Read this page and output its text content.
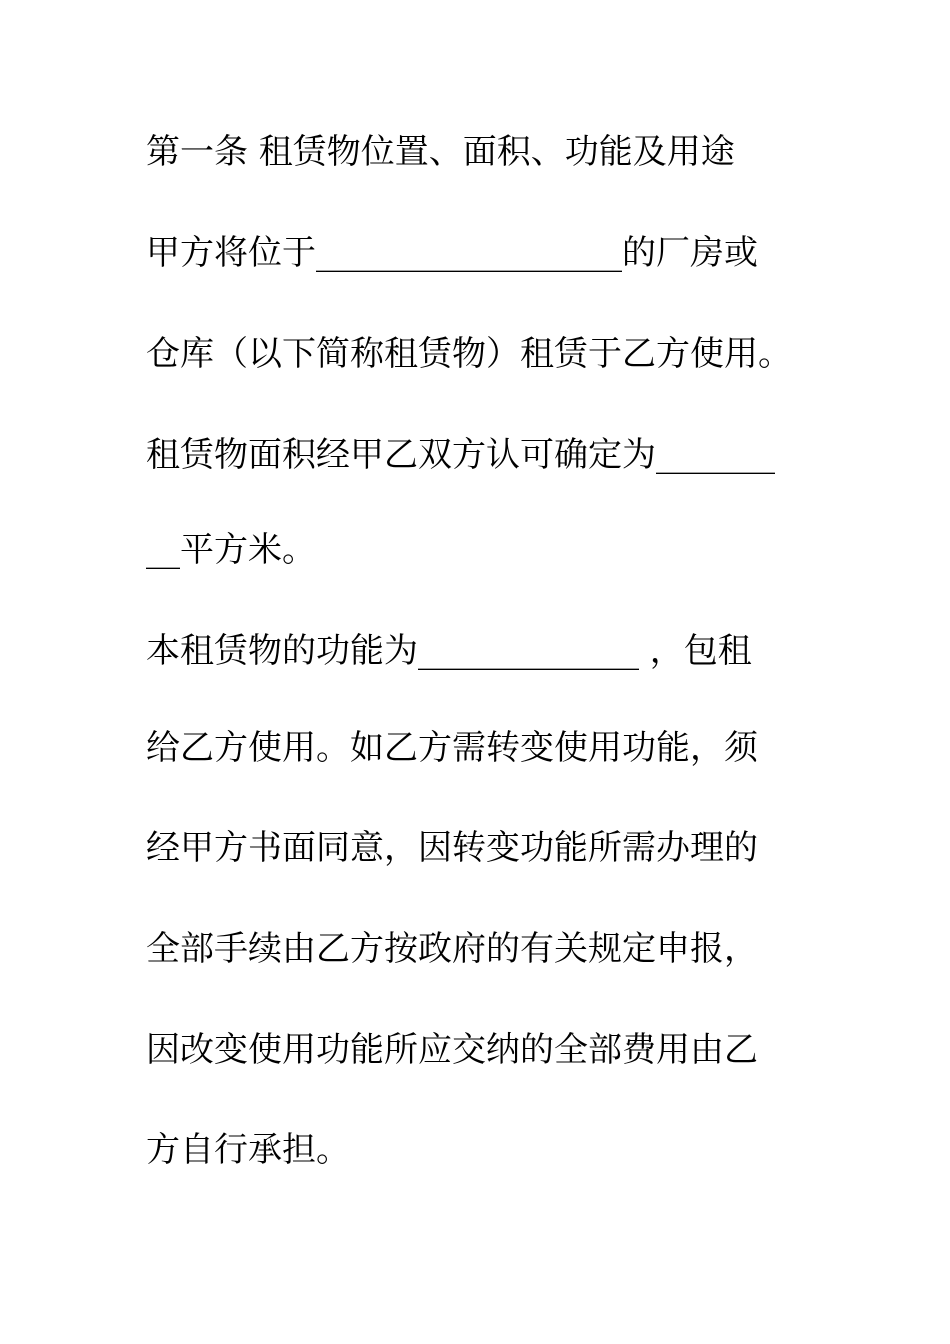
第一条 租赁物位置、面积、功能及用途
甲方将位于__________________的厂房或
仓库（以下简称租赁物）租赁于乙方使用。
租赁物面积经甲乙双方认可确定为_______
__平方米。
本租赁物的功能为_____________ ，包租
给乙方使用。如乙方需转变使用功能，须
经甲方书面同意，因转变功能所需办理的
全部手续由乙方按政府的有关规定申报，
因改变使用功能所应交纳的全部费用由乙
方自行承担。
